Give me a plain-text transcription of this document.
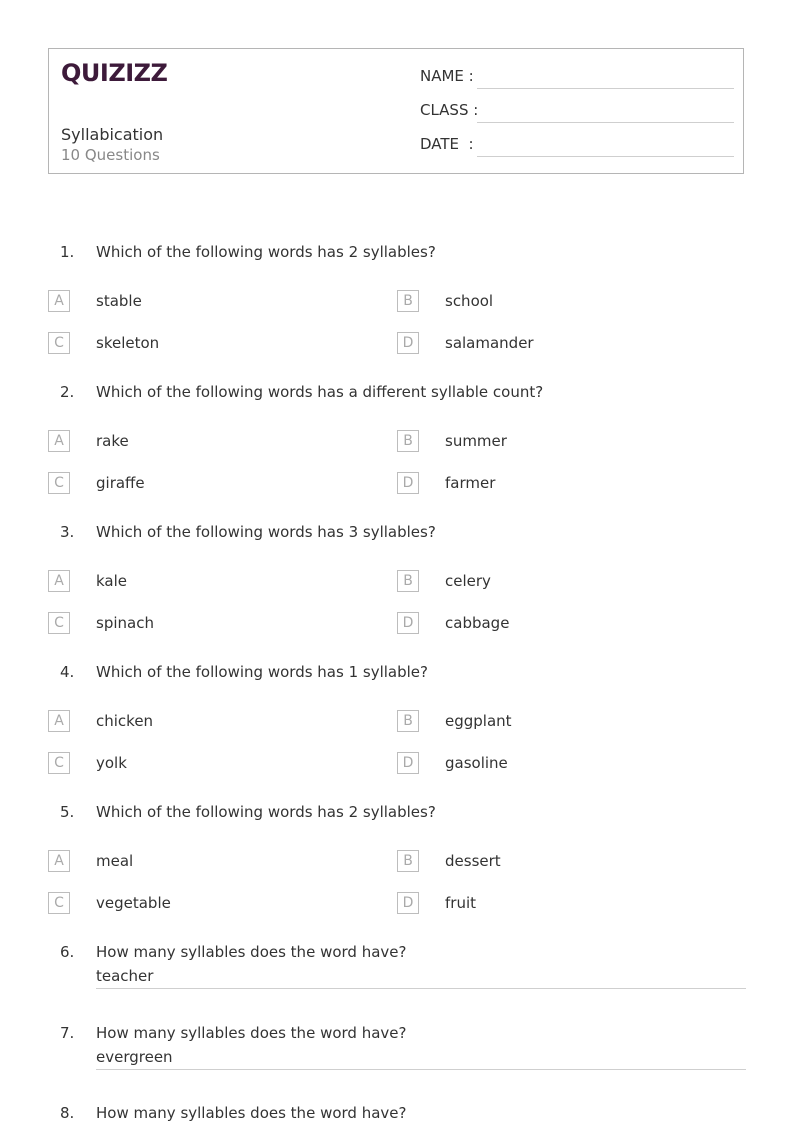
QUIZIZZ
Syllabication
10 Questions
NAME :
CLASS :
DATE  :
1. Which of the following words has 2 syllables?
A	stable	B	school
C	skeleton	D	salamander
2. Which of the following words has a different syllable count?
A	rake	B	summer
C	giraffe	D	farmer
3. Which of the following words has 3 syllables?
A	kale	B	celery
C	spinach	D	cabbage
4. Which of the following words has 1 syllable?
A	chicken	B	eggplant
C	yolk	D	gasoline
5. Which of the following words has 2 syllables?
A	meal	B	dessert
C	vegetable	D	fruit
6. How many syllables does the word have?
teacher
7. How many syllables does the word have?
evergreen
8. How many syllables does the word have?
